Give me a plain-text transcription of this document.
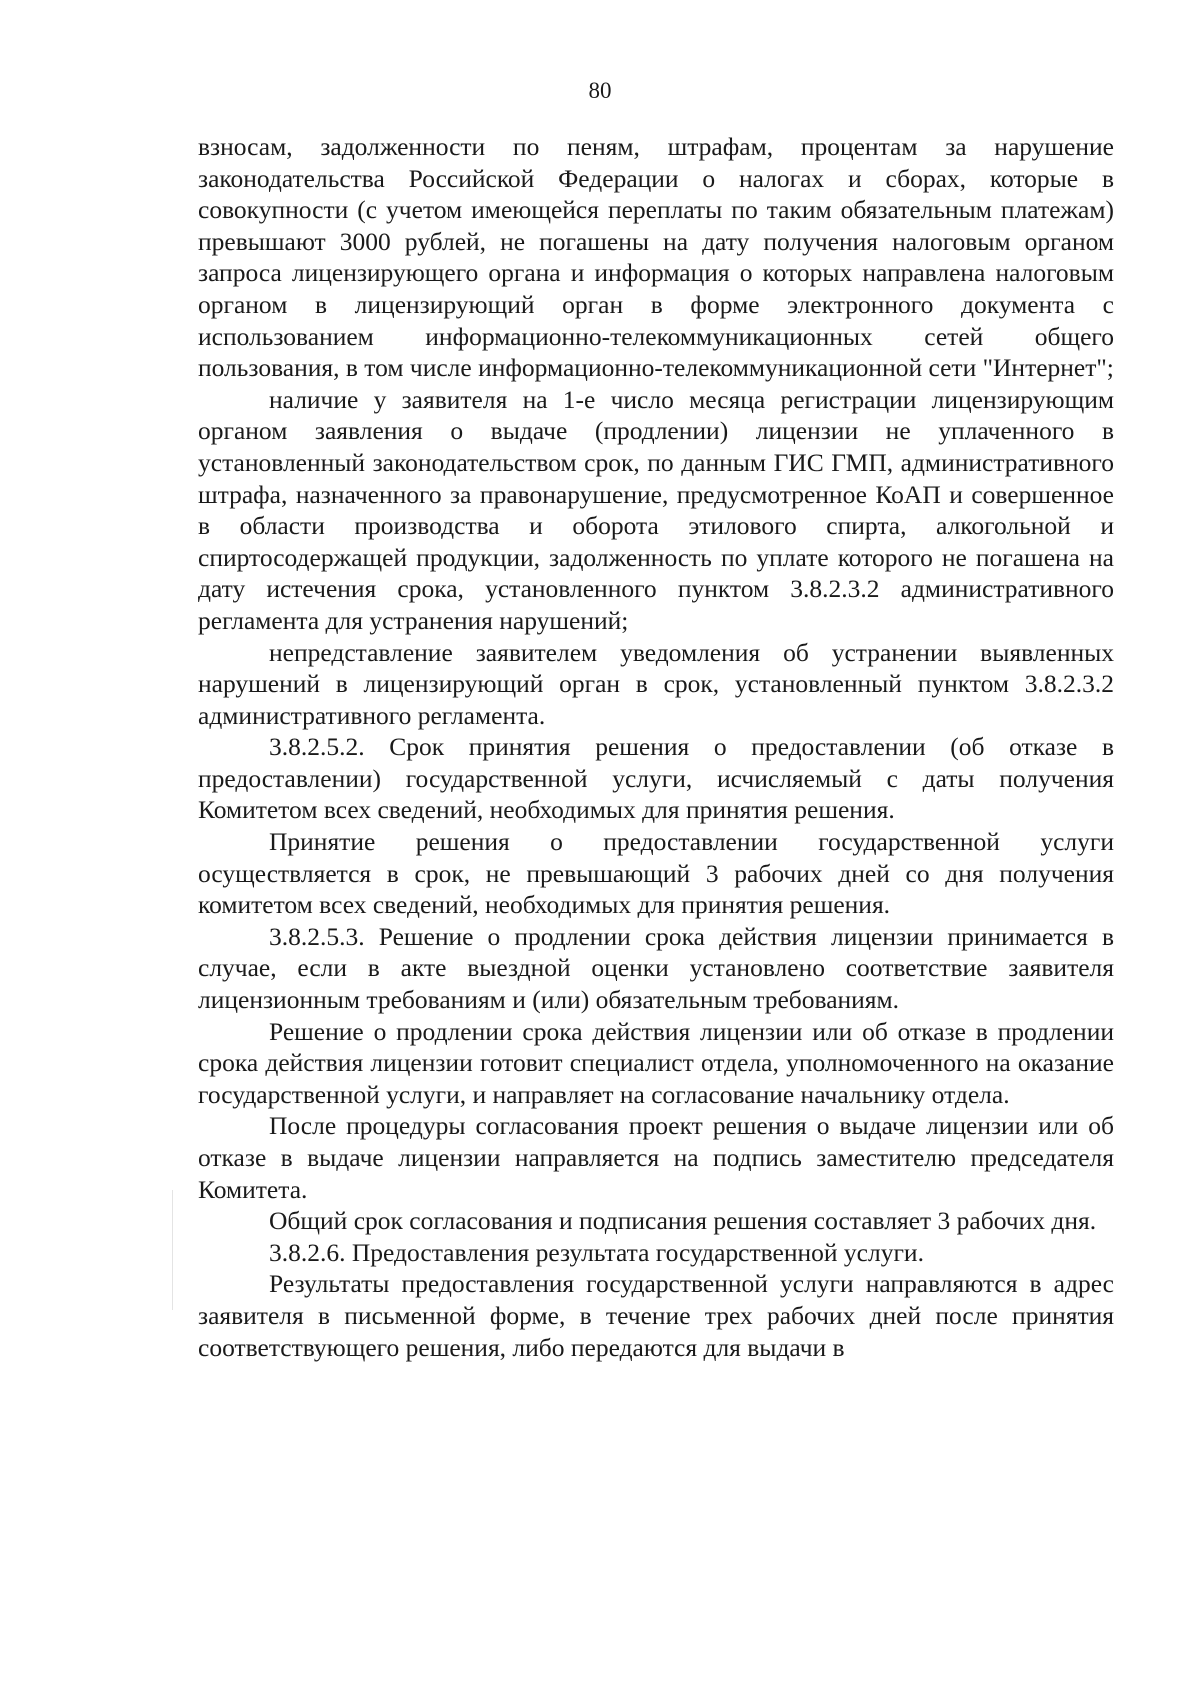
80

взносам, задолженности по пеням, штрафам, процентам за нарушение законодательства Российской Федерации о налогах и сборах, которые в совокупности (с учетом имеющейся переплаты по таким обязательным платежам) превышают 3000 рублей, не погашены на дату получения налоговым органом запроса лицензирующего органа и информация о которых направлена налоговым органом в лицензирующий орган в форме электронного документа с использованием информационно-телекоммуникационных сетей общего пользования, в том числе информационно-телекоммуникационной сети "Интернет";

наличие у заявителя на 1-е число месяца регистрации лицензирующим органом заявления о выдаче (продлении) лицензии не уплаченного в установленный законодательством срок, по данным ГИС ГМП, административного штрафа, назначенного за правонарушение, предусмотренное КоАП и совершенное в области производства и оборота этилового спирта, алкогольной и спиртосодержащей продукции, задолженность по уплате которого не погашена на дату истечения срока, установленного пунктом 3.8.2.3.2 административного регламента для устранения нарушений;

непредставление заявителем уведомления об устранении выявленных нарушений в лицензирующий орган в срок, установленный пунктом 3.8.2.3.2 административного регламента.

3.8.2.5.2. Срок принятия решения о предоставлении (об отказе в предоставлении) государственной услуги, исчисляемый с даты получения Комитетом всех сведений, необходимых для принятия решения.

Принятие решения о предоставлении государственной услуги осуществляется в срок, не превышающий 3 рабочих дней со дня получения комитетом всех сведений, необходимых для принятия решения.

3.8.2.5.3. Решение о продлении срока действия лицензии принимается в случае, если в акте выездной оценки установлено соответствие заявителя лицензионным требованиям и (или) обязательным требованиям.

Решение о продлении срока действия лицензии или об отказе в продлении срока действия лицензии готовит специалист отдела, уполномоченного на оказание государственной услуги, и направляет на согласование начальнику отдела.

После процедуры согласования проект решения о выдаче лицензии или об отказе в выдаче лицензии направляется на подпись заместителю председателя Комитета.

Общий срок согласования и подписания решения составляет 3 рабочих дня.

3.8.2.6. Предоставления результата государственной услуги.

Результаты предоставления государственной услуги направляются в адрес заявителя в письменной форме, в течение трех рабочих дней после принятия соответствующего решения, либо передаются для выдачи в
